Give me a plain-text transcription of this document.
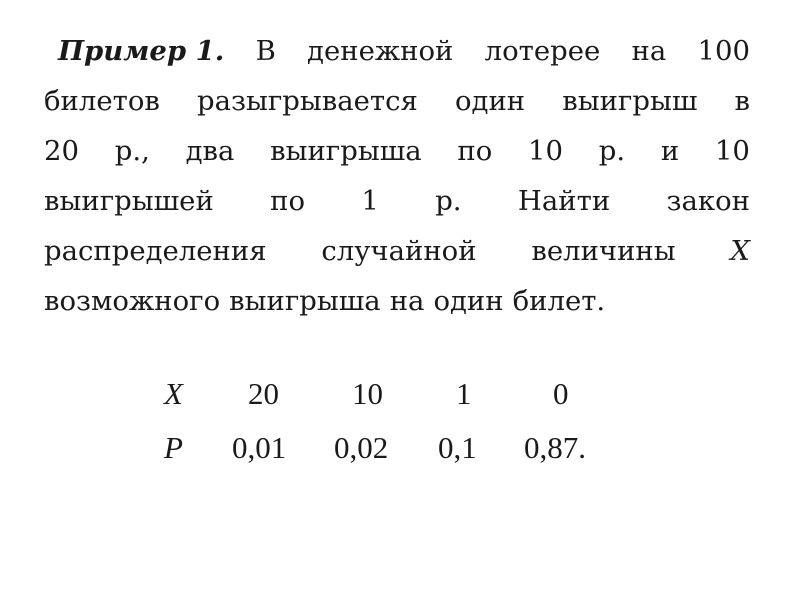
Пример 1. В денежной лотерее на 100
билетов разыгрывается один выигрыш в
20 р., два выигрыша по 10 р. и 10
выигрышей по 1 р. Найти закон
распределения случайной величины X
возможного выигрыша на один билет.
X 20 10 1	0
P 0,01 0,02 0,1 0,87.
